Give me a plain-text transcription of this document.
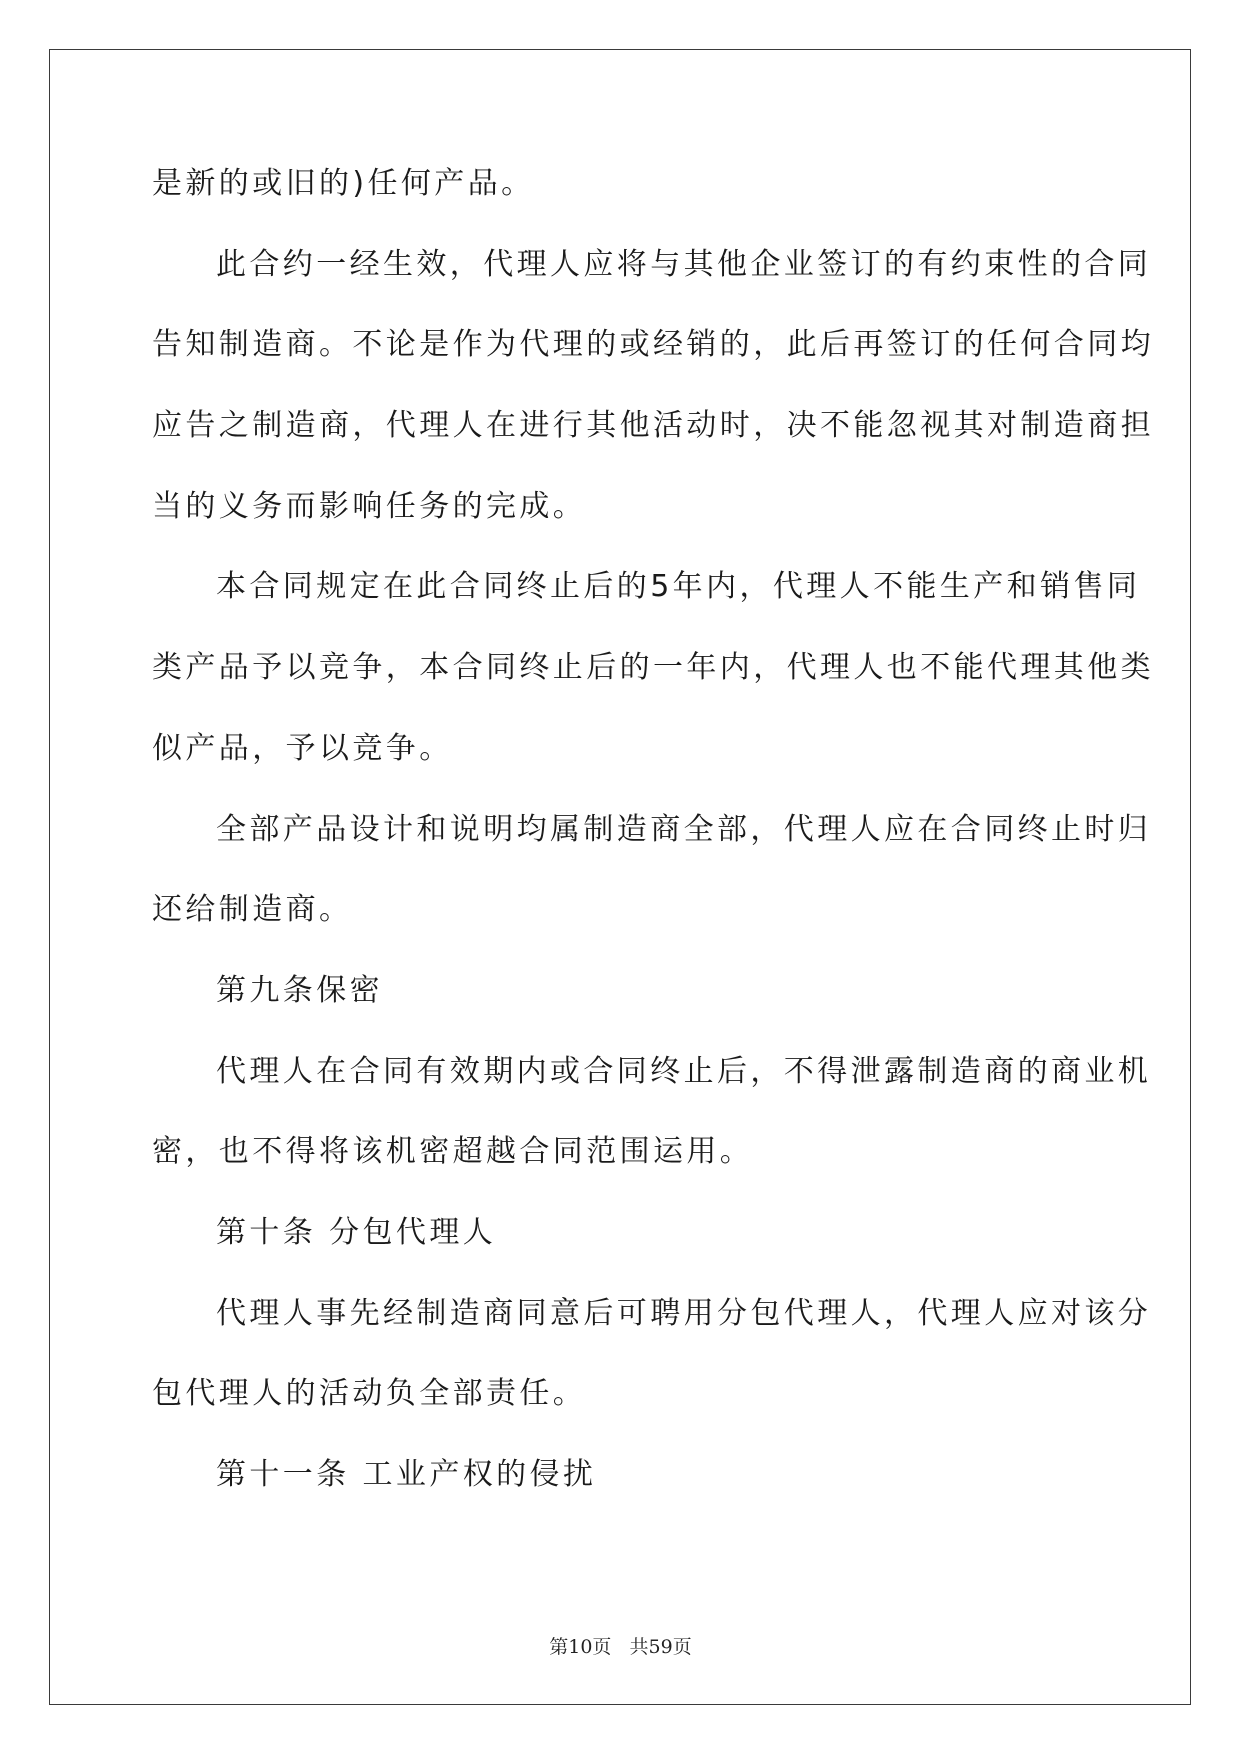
是新的或旧的)任何产品。
此合约一经生效，代理人应将与其他企业签订的有约束性的合同
告知制造商。不论是作为代理的或经销的，此后再签订的任何合同均
应告之制造商，代理人在进行其他活动时，决不能忽视其对制造商担
当的义务而影响任务的完成。
本合同规定在此合同终止后的5年内，代理人不能生产和销售同
类产品予以竞争，本合同终止后的一年内，代理人也不能代理其他类
似产品，予以竞争。
全部产品设计和说明均属制造商全部，代理人应在合同终止时归
还给制造商。
第九条保密
代理人在合同有效期内或合同终止后，不得泄露制造商的商业机
密，也不得将该机密超越合同范围运用。
第十条 分包代理人
代理人事先经制造商同意后可聘用分包代理人，代理人应对该分
包代理人的活动负全部责任。
第十一条 工业产权的侵扰
第10页   共59页
